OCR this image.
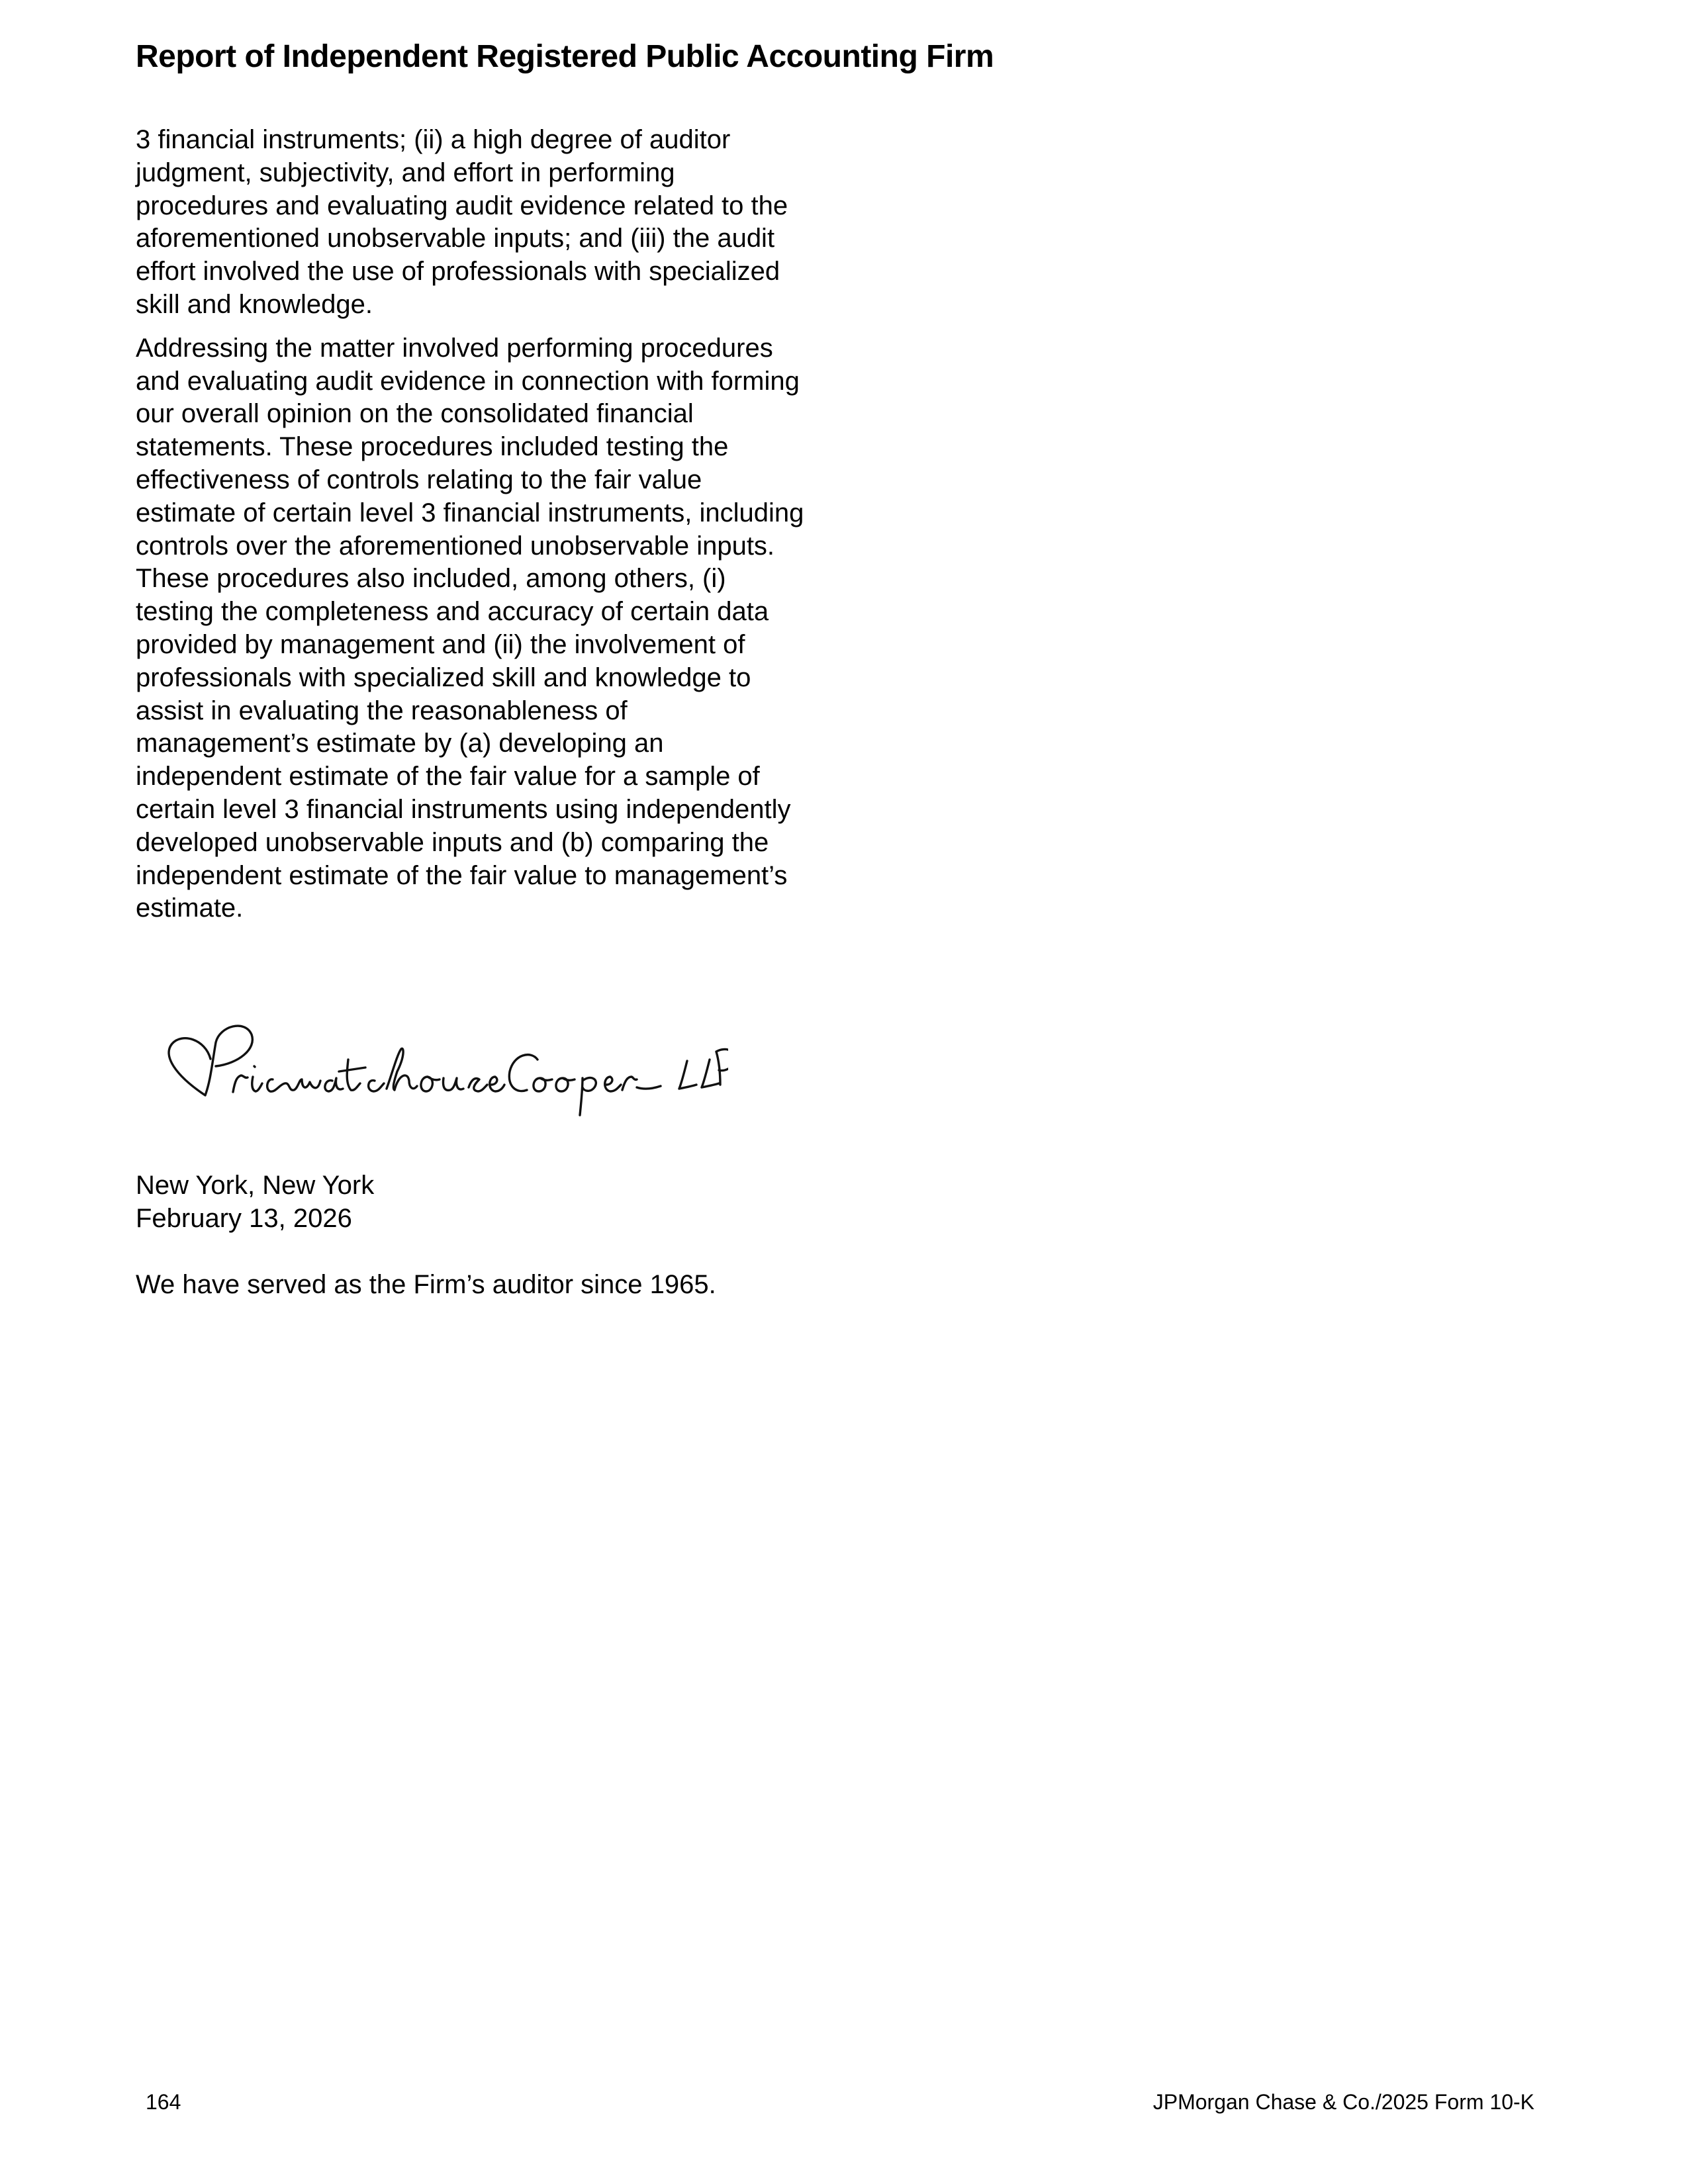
Report of Independent Registered Public Accounting Firm

3 financial instruments; (ii) a high degree of auditor judgment, subjectivity, and effort in performing procedures and evaluating audit evidence related to the aforementioned unobservable inputs; and (iii) the audit effort involved the use of professionals with specialized skill and knowledge.

Addressing the matter involved performing procedures and evaluating audit evidence in connection with forming our overall opinion on the consolidated financial statements. These procedures included testing the effectiveness of controls relating to the fair value estimate of certain level 3 financial instruments, including controls over the aforementioned unobservable inputs. These procedures also included, among others, (i) testing the completeness and accuracy of certain data provided by management and (ii) the involvement of professionals with specialized skill and knowledge to assist in evaluating the reasonableness of management’s estimate by (a) developing an independent estimate of the fair value for a sample of certain level 3 financial instruments using independently developed unobservable inputs and (b) comparing the independent estimate of the fair value to management’s estimate.

New York, New York
February 13, 2026
We have served as the Firm’s auditor since 1965.
164	JPMorgan Chase & Co./2025 Form 10-K
